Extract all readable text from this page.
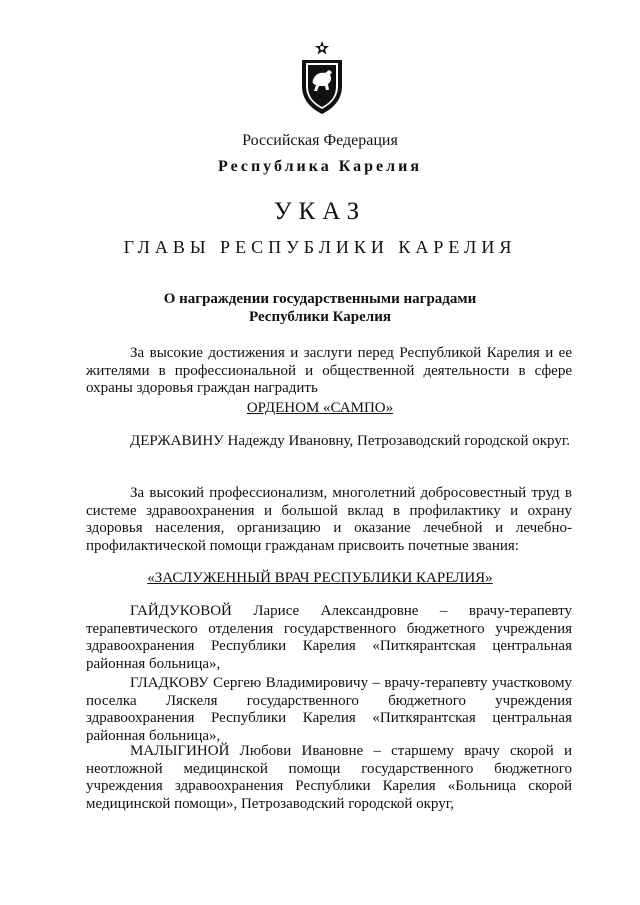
Российская Федерация
Республика Карелия
УКАЗ
ГЛАВЫ РЕСПУБЛИКИ КАРЕЛИЯ
О награждении государственными наградами
Республики Карелия
За высокие достижения и заслуги перед Республикой Карелия и ее жителями в профессиональной и общественной деятельности в сфере охраны здоровья граждан наградить
ОРДЕНОМ «САМПО»
ДЕРЖАВИНУ Надежду Ивановну, Петрозаводский городской округ.
За высокий профессионализм, многолетний добросовестный труд в системе здравоохранения и большой вклад в профилактику и охрану здоровья населения, организацию и оказание лечебной и лечебно-профилактической помощи гражданам присвоить почетные звания:
«ЗАСЛУЖЕННЫЙ ВРАЧ РЕСПУБЛИКИ КАРЕЛИЯ»
ГАЙДУКОВОЙ Ларисе Александровне – врачу-терапевту терапевтического отделения государственного бюджетного учреждения здравоохранения Республики Карелия «Питкярантская центральная районная больница»,
ГЛАДКОВУ Сергею Владимировичу – врачу-терапевту участковому поселка Ляскеля государственного бюджетного учреждения здравоохранения Республики Карелия «Питкярантская центральная районная больница»,
МАЛЫГИНОЙ Любови Ивановне – старшему врачу скорой и неотложной медицинской помощи государственного бюджетного учреждения здравоохранения Республики Карелия «Больница скорой медицинской помощи», Петрозаводский городской округ,
